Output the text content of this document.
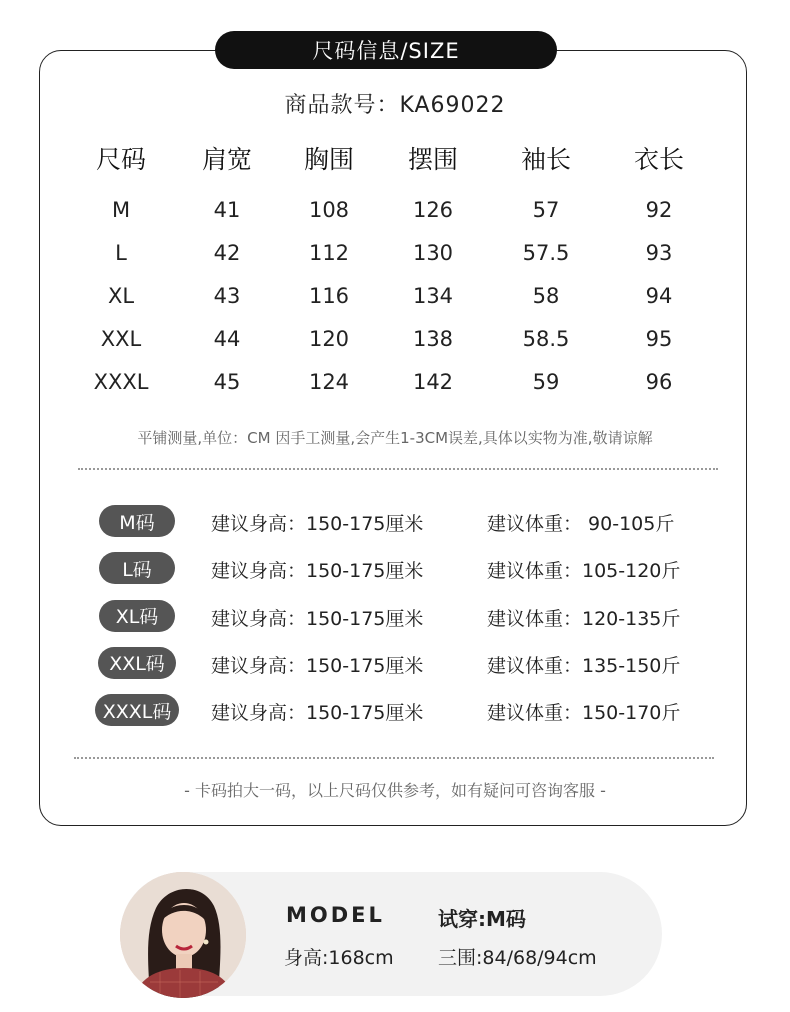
尺码信息/SIZE
商品款号：KA69022
尺码 肩宽 胸围 摆围	袖长	衣长
M	41	108	126	57	92
L	42	112	130	57.5	93
XL	43	116	134	58	94
XXL	44	120	138	58.5	95
XXXL	45	124	142	59	96
平铺测量,单位：CM 因手工测量,会产生1-3CM误差,具体以实物为准,敬请谅解
M码	建议身高：150-175厘米	建议体重： 90-105斤
L码	建议身高：150-175厘米	建议体重：105-120斤
XL码	建议身高：150-175厘米	建议体重：120-135斤
XXL码	建议身高：150-175厘米	建议体重：135-150斤
XXXL码	建议身高：150-175厘米	建议体重：150-170斤
- 卡码拍大一码，以上尺码仅供参考，如有疑问可咨询客服 -
MODEL	试穿:M码
身高:168cm 三围:84/68/94cm
